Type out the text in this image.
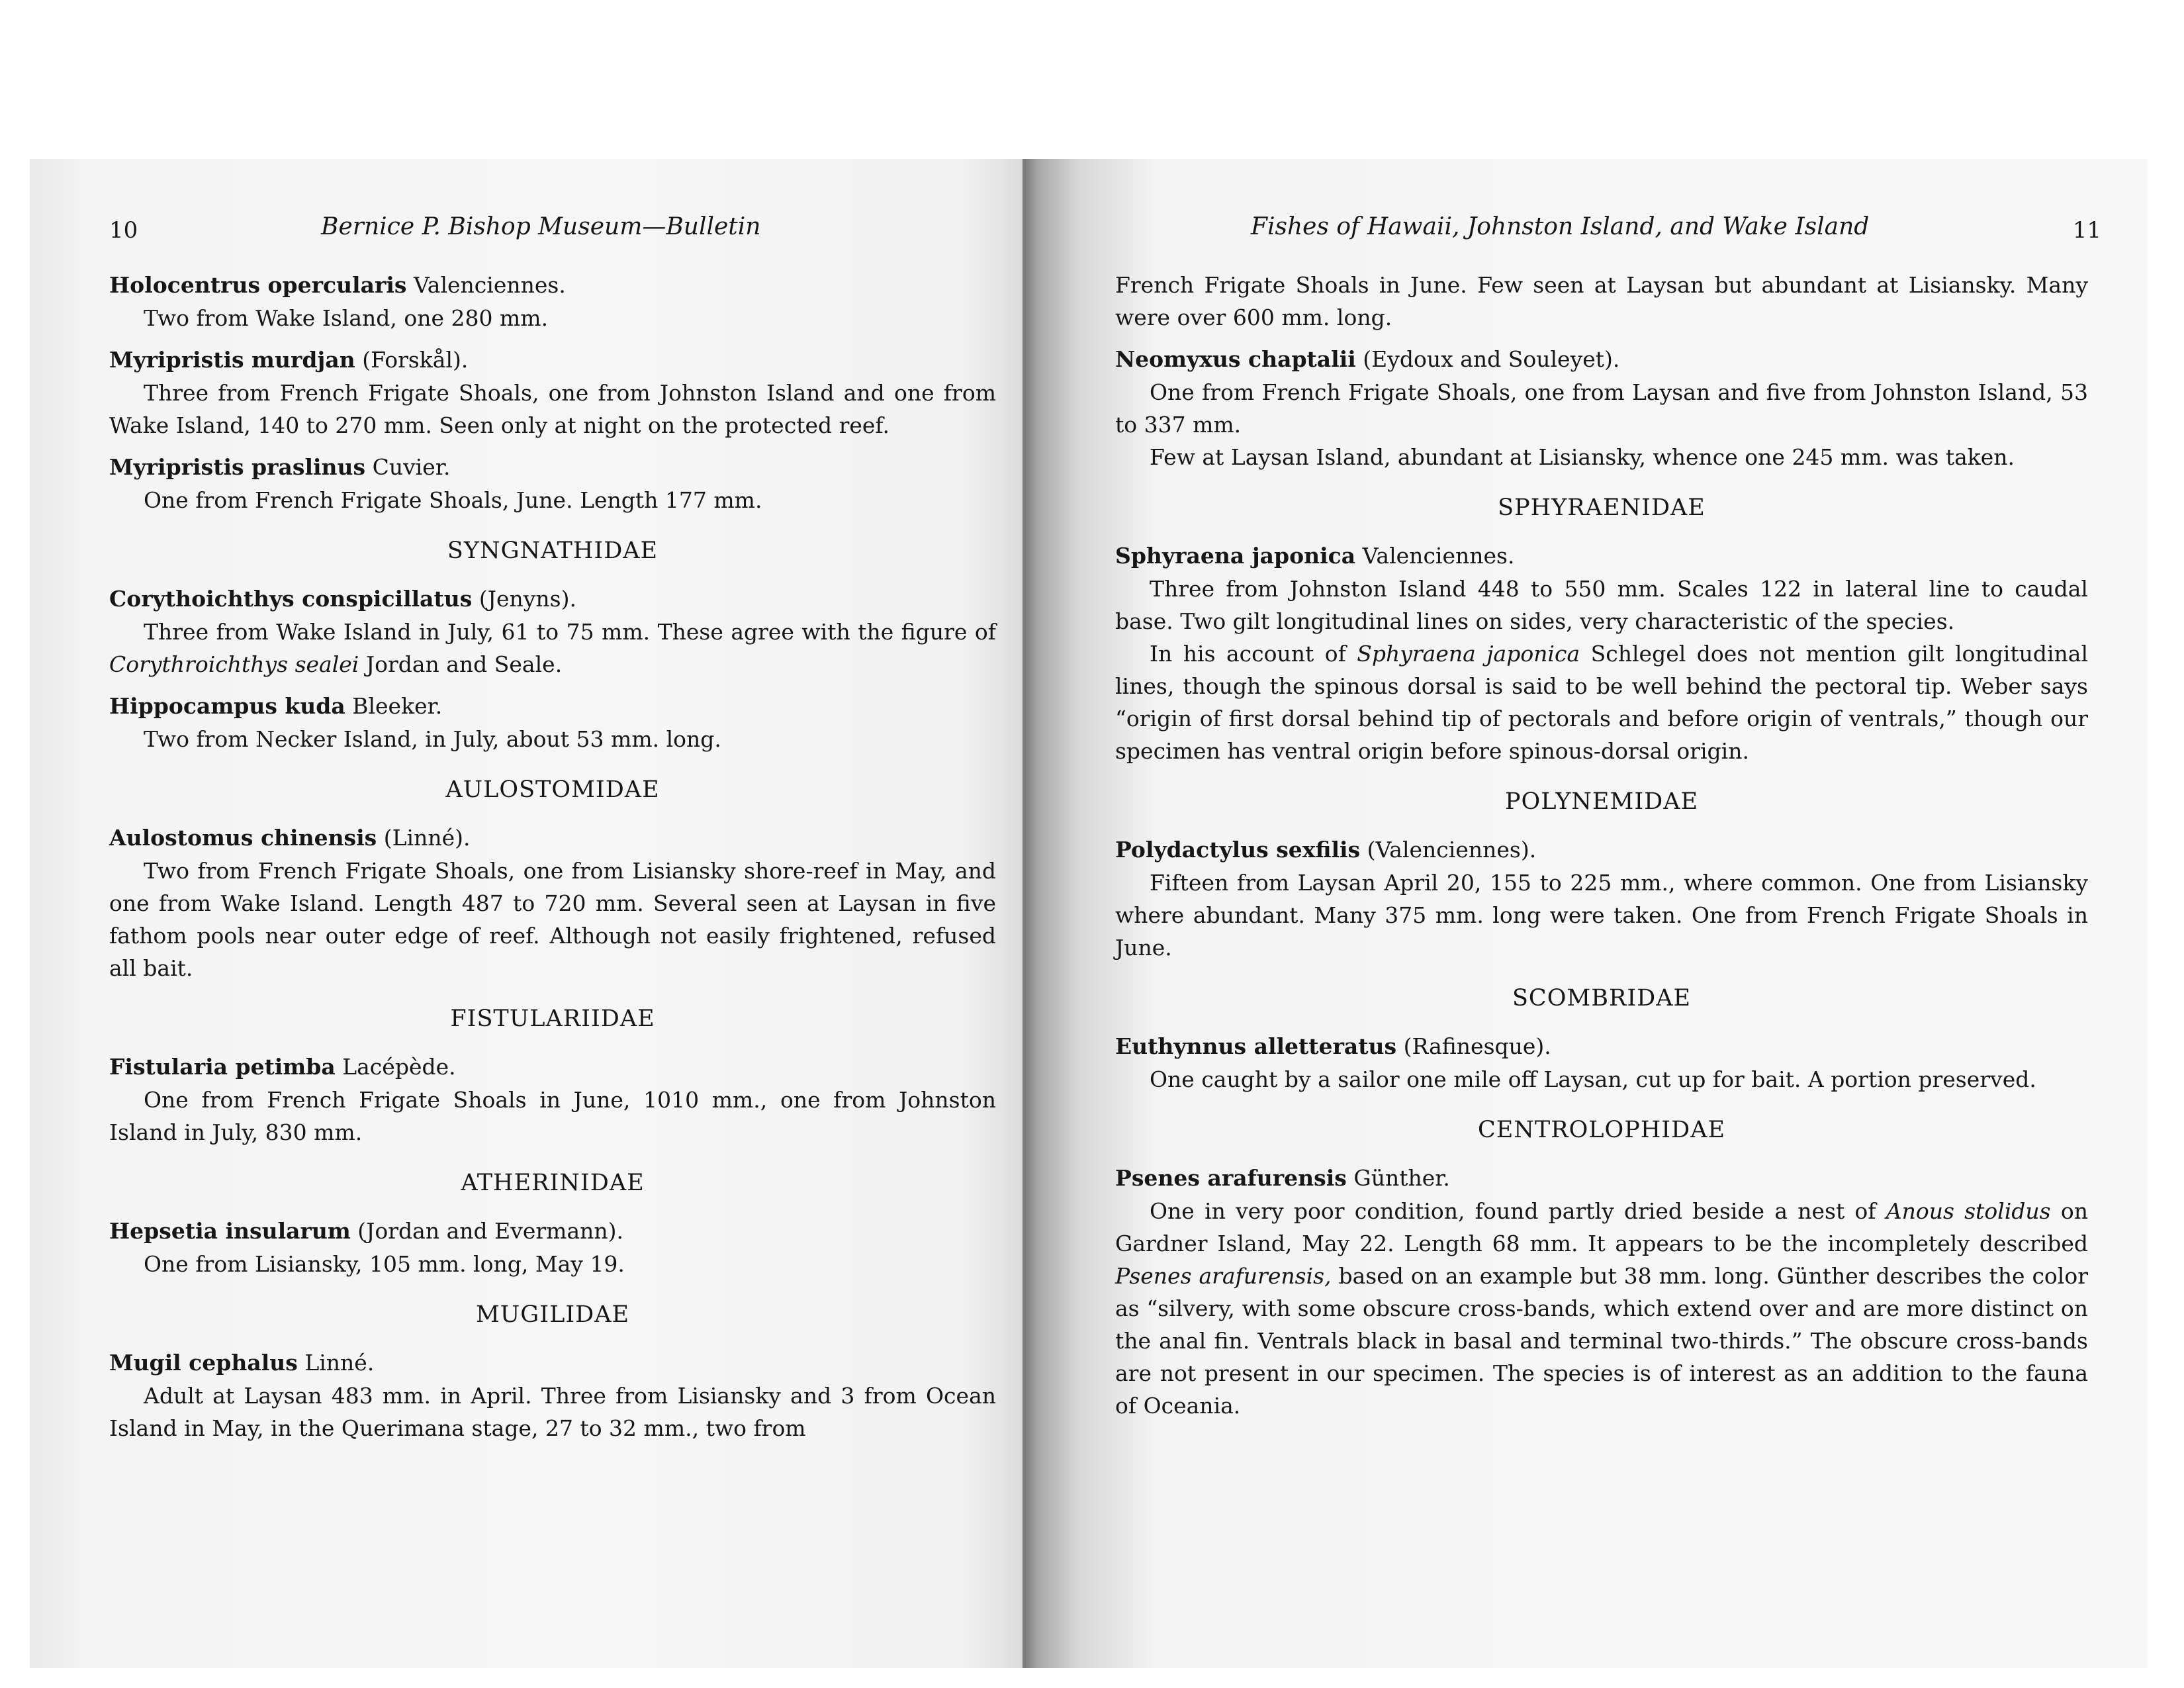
10	Bernice P. Bishop Museum—Bulletin
Holocentrus opercularis Valenciennes.

Two from Wake Island, one 280 mm.

Myripristis murdjan (Forskål).

Three from French Frigate Shoals, one from Johnston Island and one from Wake Island, 140 to 270 mm. Seen only at night on the protected reef.

Myripristis praslinus Cuvier.

One from French Frigate Shoals, June. Length 177 mm.

SYNGNATHIDAE
Corythoichthys conspicillatus (Jenyns).

Three from Wake Island in July, 61 to 75 mm. These agree with the figure of Corythroichthys sealei Jordan and Seale.

Hippocampus kuda Bleeker.

Two from Necker Island, in July, about 53 mm. long.

AULOSTOMIDAE
Aulostomus chinensis (Linné).

Two from French Frigate Shoals, one from Lisiansky shore-reef in May, and one from Wake Island. Length 487 to 720 mm. Several seen at Laysan in five fathom pools near outer edge of reef. Although not easily frightened, refused all bait.

FISTULARIIDAE
Fistularia petimba Lacépède.

One from French Frigate Shoals in June, 1010 mm., one from Johnston Island in July, 830 mm.

ATHERINIDAE
Hepsetia insularum (Jordan and Evermann).

One from Lisiansky, 105 mm. long, May 19.

MUGILIDAE
Mugil cephalus Linné.

Adult at Laysan 483 mm. in April. Three from Lisiansky and 3 from Ocean Island in May, in the Querimana stage, 27 to 32 mm., two from

Fishes of Hawaii, Johnston Island, and Wake Island	11

French Frigate Shoals in June. Few seen at Laysan but abundant at Lisiansky. Many were over 600 mm. long.

Neomyxus chaptalii (Eydoux and Souleyet).

One from French Frigate Shoals, one from Laysan and five from Johnston Island, 53 to 337 mm.

Few at Laysan Island, abundant at Lisiansky, whence one 245 mm. was taken.

SPHYRAENIDAE
Sphyraena japonica Valenciennes.

Three from Johnston Island 448 to 550 mm. Scales 122 in lateral line to caudal base. Two gilt longitudinal lines on sides, very characteristic of the species.

In his account of Sphyraena japonica Schlegel does not mention gilt longitudinal lines, though the spinous dorsal is said to be well behind the pectoral tip. Weber says “origin of first dorsal behind tip of pectorals and before origin of ventrals,” though our specimen has ventral origin before spinous-dorsal origin.

POLYNEMIDAE
Polydactylus sexfilis (Valenciennes).

Fifteen from Laysan April 20, 155 to 225 mm., where common. One from Lisiansky where abundant. Many 375 mm. long were taken. One from French Frigate Shoals in June.

SCOMBRIDAE
Euthynnus alletteratus (Rafinesque).

One caught by a sailor one mile off Laysan, cut up for bait. A portion preserved.

CENTROLOPHIDAE
Psenes arafurensis Günther.

One in very poor condition, found partly dried beside a nest of Anous stolidus on Gardner Island, May 22. Length 68 mm. It appears to be the incompletely described Psenes arafurensis, based on an example but 38 mm. long. Günther describes the color as “silvery, with some obscure cross-bands, which extend over and are more distinct on the anal fin. Ventrals black in basal and terminal two-thirds.” The obscure cross-bands are not present in our specimen. The species is of interest as an addition to the fauna of Oceania.
